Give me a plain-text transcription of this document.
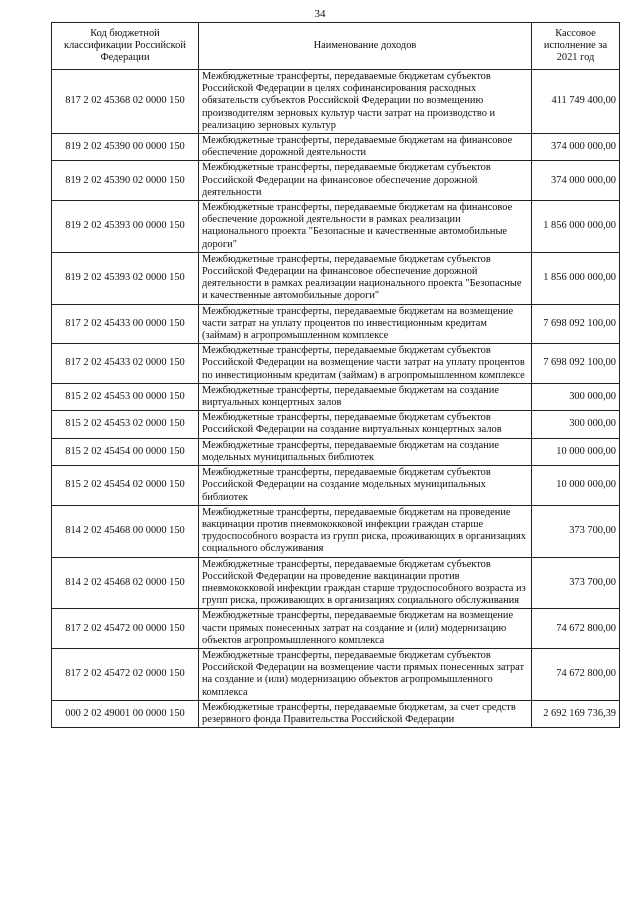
34
Код бюджетной классификации Российской Федерации	Наименование доходов	Кассовое исполнение за 2021 год
817 2 02 45368 02 0000 150	Межбюджетные трансферты, передаваемые бюджетам субъектов Российской Федерации в целях софинансирования расходных обязательств субъектов Российской Федерации по возмещению производителям зерновых культур части затрат на производство и реализацию зерновых культур	411 749 400,00
819 2 02 45390 00 0000 150	Межбюджетные трансферты, передаваемые бюджетам на финансовое обеспечение дорожной деятельности	374 000 000,00
819 2 02 45390 02 0000 150	Межбюджетные трансферты, передаваемые бюджетам субъектов Российской Федерации на финансовое обеспечение дорожной деятельности	374 000 000,00
819 2 02 45393 00 0000 150	Межбюджетные трансферты, передаваемые бюджетам на финансовое обеспечение дорожной деятельности в рамках реализации национального проекта "Безопасные и качественные автомобильные дороги"	1 856 000 000,00
819 2 02 45393 02 0000 150	Межбюджетные трансферты, передаваемые бюджетам субъектов Российской Федерации на финансовое обеспечение дорожной деятельности в рамках реализации национального проекта "Безопасные и качественные автомобильные дороги"	1 856 000 000,00
817 2 02 45433 00 0000 150	Межбюджетные трансферты, передаваемые бюджетам на возмещение части затрат на уплату процентов по инвестиционным кредитам (займам) в агропромышленном комплексе	7 698 092 100,00
817 2 02 45433 02 0000 150	Межбюджетные трансферты, передаваемые бюджетам субъектов Российской Федерации на возмещение части затрат на уплату процентов по инвестиционным кредитам (займам) в агропромышленном комплексе	7 698 092 100,00
815 2 02 45453 00 0000 150	Межбюджетные трансферты, передаваемые бюджетам на создание виртуальных концертных залов	300 000,00
815 2 02 45453 02 0000 150	Межбюджетные трансферты, передаваемые бюджетам субъектов Российской Федерации на создание виртуальных концертных залов	300 000,00
815 2 02 45454 00 0000 150	Межбюджетные трансферты, передаваемые бюджетам на создание модельных муниципальных библиотек	10 000 000,00
815 2 02 45454 02 0000 150	Межбюджетные трансферты, передаваемые бюджетам субъектов Российской Федерации на создание модельных муниципальных библиотек	10 000 000,00
814 2 02 45468 00 0000 150	Межбюджетные трансферты, передаваемые бюджетам на проведение вакцинации против пневмококковой инфекции граждан старше трудоспособного возраста из групп риска, проживающих в организациях социального обслуживания	373 700,00
814 2 02 45468 02 0000 150	Межбюджетные трансферты, передаваемые бюджетам субъектов Российской Федерации на проведение вакцинации против пневмококковой инфекции граждан старше трудоспособного возраста из групп риска, проживающих в организациях социального обслуживания	373 700,00
817 2 02 45472 00 0000 150	Межбюджетные трансферты, передаваемые бюджетам на возмещение части прямых понесенных затрат на создание и (или) модернизацию объектов агропромышленного комплекса	74 672 800,00
817 2 02 45472 02 0000 150	Межбюджетные трансферты, передаваемые бюджетам субъектов Российской Федерации на возмещение части прямых понесенных затрат на создание и (или) модернизацию объектов агропромышленного комплекса	74 672 800,00
000 2 02 49001 00 0000 150	Межбюджетные трансферты, передаваемые бюджетам, за счет средств резервного фонда Правительства Российской Федерации	2 692 169 736,39
